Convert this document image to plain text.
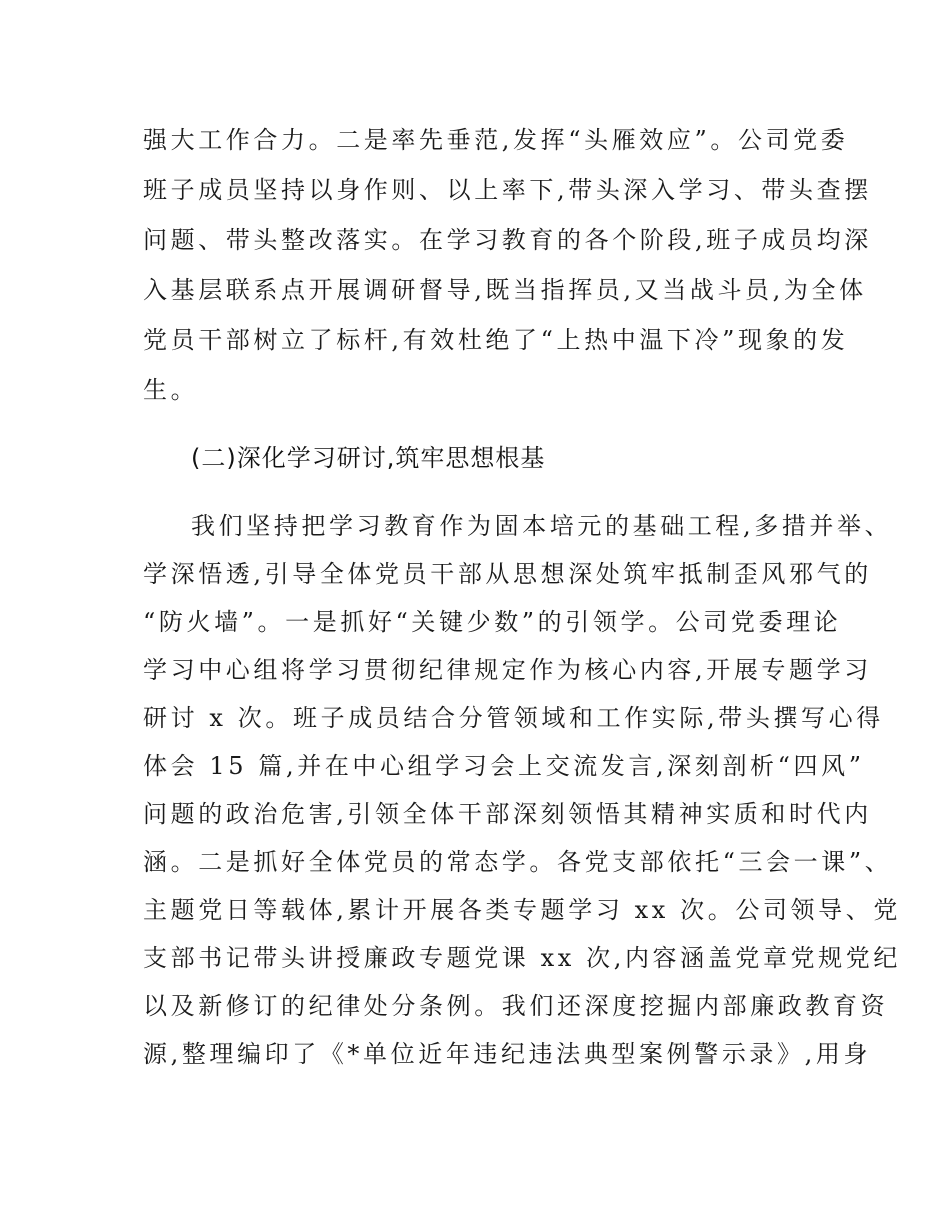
强大工作合力。二是率先垂范,发挥“头雁效应”。公司党委
班子成员坚持以身作则、以上率下,带头深入学习、带头查摆
问题、带头整改落实。在学习教育的各个阶段,班子成员均深
入基层联系点开展调研督导,既当指挥员,又当战斗员,为全体
党员干部树立了标杆,有效杜绝了“上热中温下冷”现象的发
生。
(二)深化学习研讨,筑牢思想根基
我们坚持把学习教育作为固本培元的基础工程,多措并举、
学深悟透,引导全体党员干部从思想深处筑牢抵制歪风邪气的
“防火墙”。一是抓好“关键少数”的引领学。公司党委理论
学习中心组将学习贯彻纪律规定作为核心内容,开展专题学习
研讨 x 次。班子成员结合分管领域和工作实际,带头撰写心得
体会 15 篇,并在中心组学习会上交流发言,深刻剖析“四风”
问题的政治危害,引领全体干部深刻领悟其精神实质和时代内
涵。二是抓好全体党员的常态学。各党支部依托“三会一课”、
主题党日等载体,累计开展各类专题学习 xx 次。公司领导、党
支部书记带头讲授廉政专题党课 xx 次,内容涵盖党章党规党纪
以及新修订的纪律处分条例。我们还深度挖掘内部廉政教育资
源,整理编印了《*单位近年违纪违法典型案例警示录》,用身
